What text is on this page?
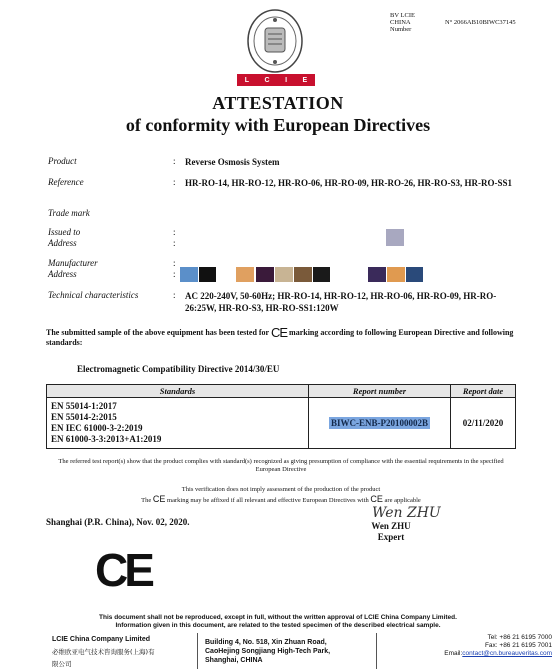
BV LCIE
CHINA	N° 2066AB10BIWC37145
Number
L C I E
ATTESTATION
of conformity with European Directives
Product	: Reverse Osmosis System
Reference	: HR-RO-14, HR-RO-12, HR-RO-06, HR-RO-09, HR-RO-26, HR-RO-S3, HR-RO-SS1
Trade mark
Issued to
Address
:
:
Manufacturer
Address
:
:
Technical characteristics	: AC 220-240V, 50-60Hz; HR-RO-14, HR-RO-12, HR-RO-06, HR-RO-09, HR-RO-26:25W, HR-RO-S3, HR-RO-SS1:120W
The submitted sample of the above equipment has been tested for CE marking according to following European Directive and following standards:
Electromagnetic Compatibility Directive 2014/30/EU
Standards	Report number	Report date

EN 55014-1:2017
EN 55014-2:2015
EN IEC 61000-3-2:2019
EN 61000-3-3:2013+A1:2019	BIWC-ENB-P20100002B	02/11/2020
The referred test report(s) show that the product complies with standard(s) recognized as giving presumption of compliance with the essential requirements in the specified European Directive
This verification does not imply assessment of the production of the product
The CE marking may be affixed if all relevant and effective European Directives with CE are applicable
Shanghai (P.R. China), Nov. 02, 2020.
Wen ZHU
Wen ZHU
Expert
CE
This document shall not be reproduced, except in full, without the written approval of LCIE China Company Limited.
Information given in this document, are related to the tested specimen of the described electrical sample.
LCIE China Company Limited
必维欧亚电气技术咨询服务(上海)有
限公司
Building 4, No. 518, Xin Zhuan Road,
CaoHejing Songjiang High-Tech Park,
Shanghai, CHINA
Tel: +86 21 6195 7000
Fax: +86 21 6195 7001
Email:contact@cn.bureauveritas.com
